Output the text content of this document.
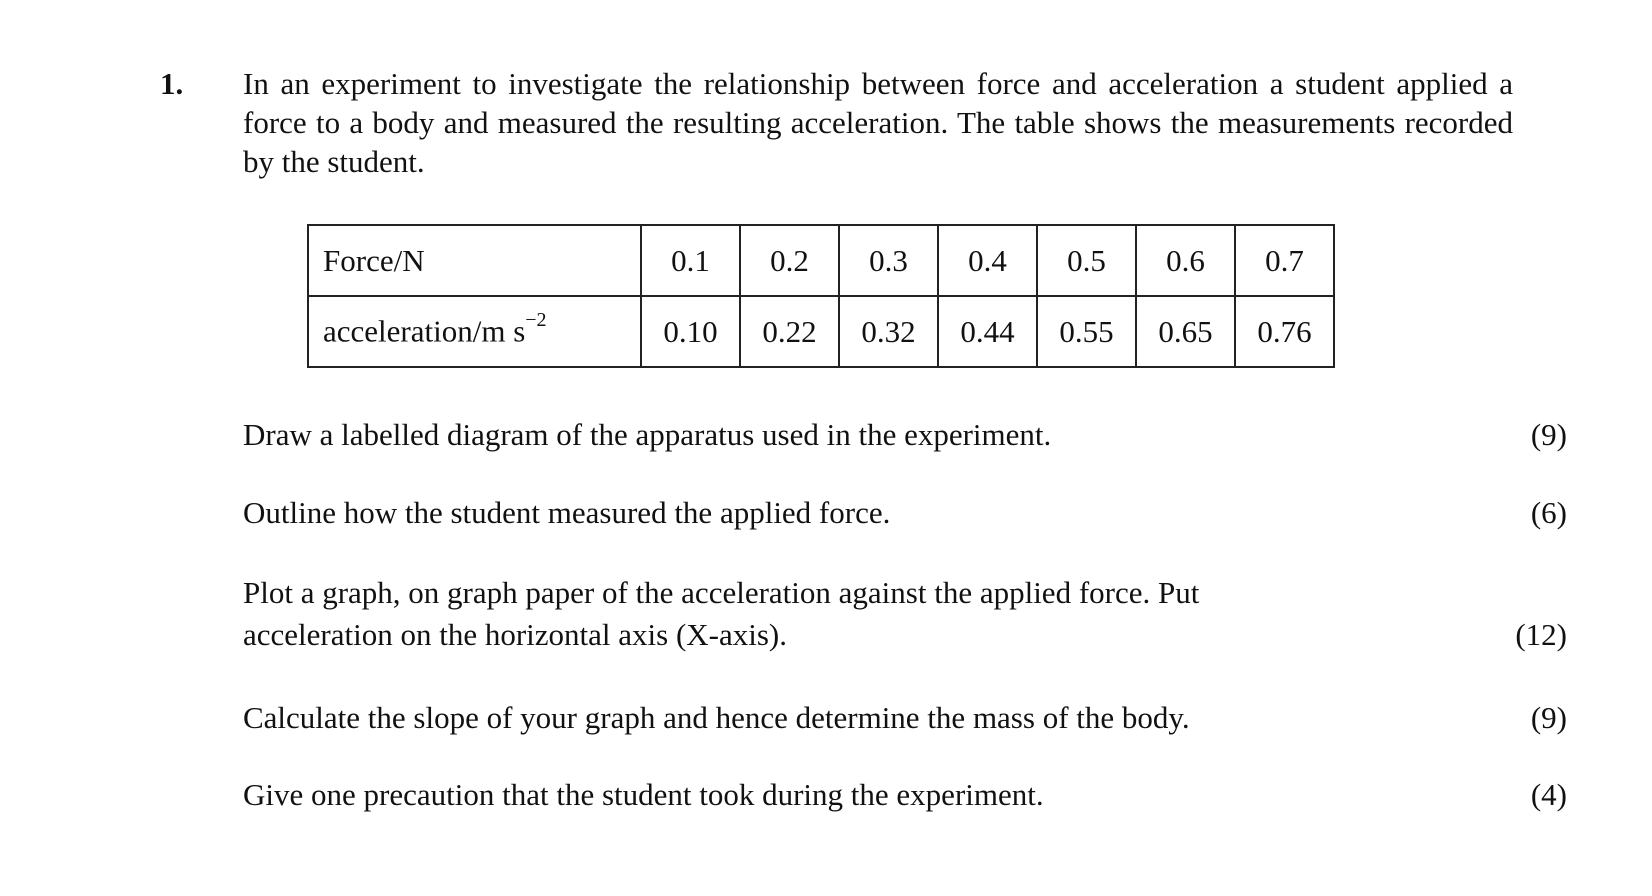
1. In an experiment to investigate the relationship between force and acceleration a student applied a force to a body and measured the resulting acceleration. The table shows the measurements recorded by the student.
Force/N	0.1	0.2	0.3	0.4	0.5	0.6	0.7
acceleration/m $s^{-2}$	0.10	0.22	0.32	0.44	0.55	0.65	0.76
Draw a labelled diagram of the apparatus used in the experiment.	(9)
Outline how the student measured the applied force.	(6)
Plot a graph, on graph paper of the acceleration against the applied force. Put
acceleration on the horizontal axis (X-axis).	(12)
Calculate the slope of your graph and hence determine the mass of the body.	(9)
Give one precaution that the student took during the experiment.	(4)
